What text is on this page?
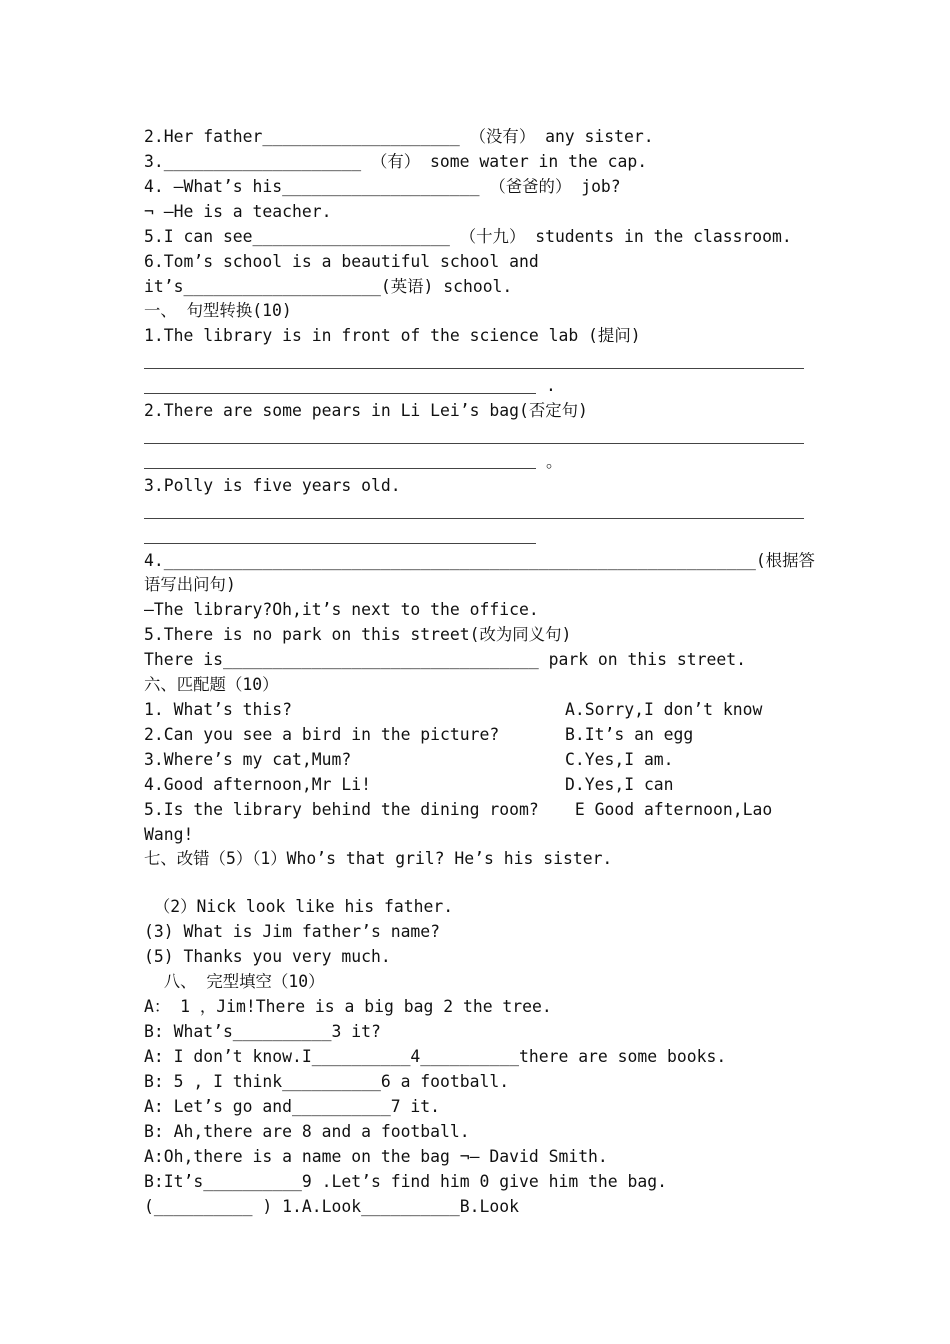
2.Her father____________________ （没有） any sister.
3.____________________ （有） some water in the cap.
4. —What’s his____________________ （爸爸的） job?
¬ —He is a teacher.
5.I can see____________________ （十九） students in the classroom.
6.Tom’s school is a beautiful school and
it’s____________________(英语) school.
一、 句型转换(10)
1.The library is in front of the science lab (提问)
.
2.There are some pears in Li Lei’s bag(否定句)
。
3.Polly is five years old.
4.____________________________________________________________(根据答
语写出问句)
—The library?Oh,it’s next to the office.
5.There is no park on this street(改为同义句)
There is________________________________ park on this street.
六、匹配题（10）
1. What’s this?	A.Sorry,I don’t know
2.Can you see a bird in the picture?	B.It’s an egg
3.Where’s my cat,Mum?	C.Yes,I am.
4.Good afternoon,Mr Li!	D.Yes,I can
5.Is the library behind the dining room? E Good afternoon,Lao
Wang!
七、改错（5）（1）Who’s that gril? He’s his sister.
（2）Nick look like his father.
(3) What is Jim father’s name?
(5) Thanks you very much.
八、 完型填空（10）
A： 1 ，Jim!There is a big bag 2 the tree.
B: What’s__________3 it?
A: I don’t know.I__________4__________there are some books.
B: 5 , I think__________6 a football.
A: Let’s go and__________7 it.
B: Ah,there are 8 and a football.
A:Oh,there is a name on the bag ¬— David Smith.
B:It’s__________9 .Let’s find him 0 give him the bag.
(__________ ) 1.A.Look__________B.Look
